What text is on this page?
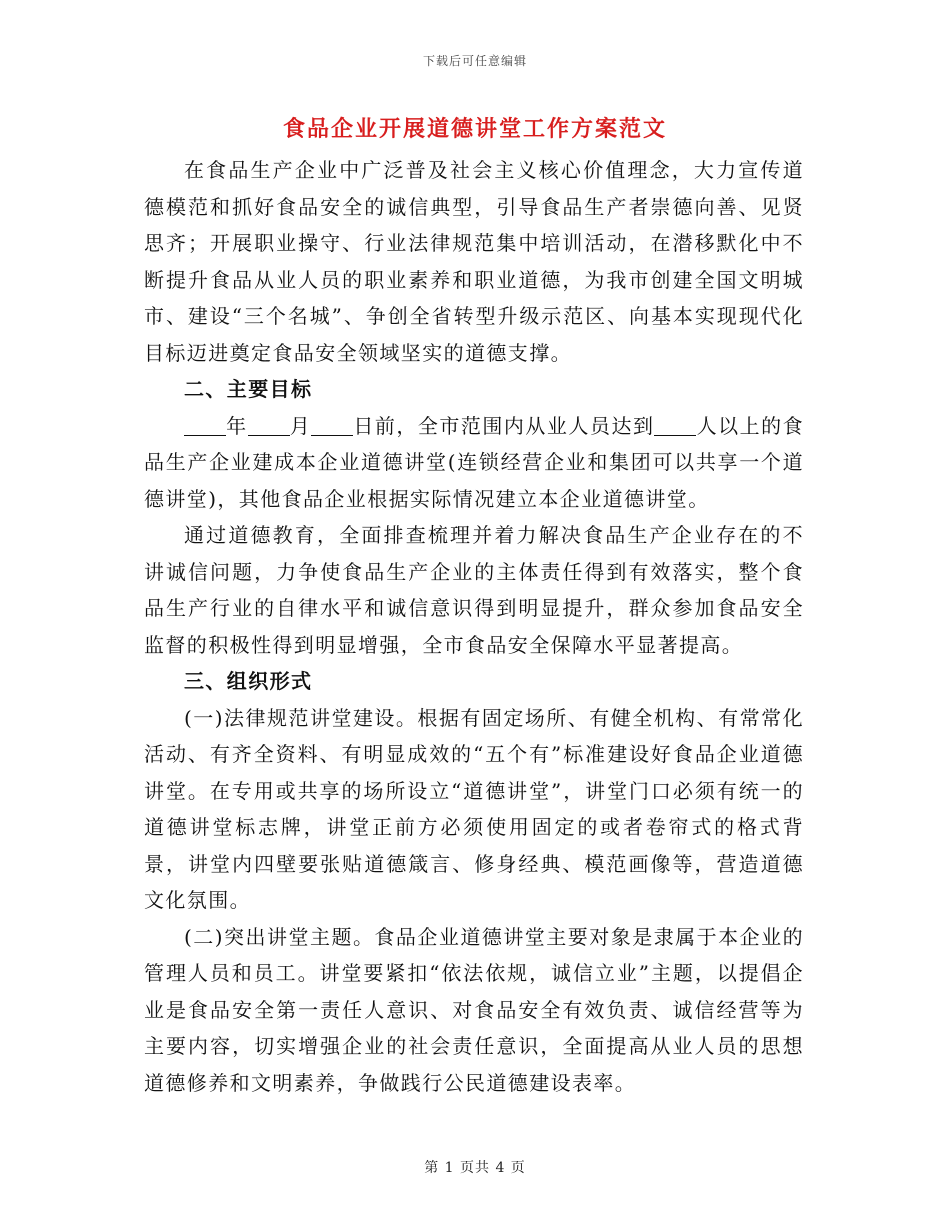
下载后可任意编辑
食品企业开展道德讲堂工作方案范文

在食品生产企业中广泛普及社会主义核心价值理念，大力宣传道德模范和抓好食品安全的诚信典型，引导食品生产者崇德向善、见贤思齐；开展职业操守、行业法律规范集中培训活动，在潜移默化中不断提升食品从业人员的职业素养和职业道德，为我市创建全国文明城市、建设“三个名城”、争创全省转型升级示范区、向基本实现现代化目标迈进奠定食品安全领域坚实的道德支撑。

二、主要目标

年 月 日前，全市范围内从业人员达到 人以上的食品生产企业建成本企业道德讲堂(连锁经营企业和集团可以共享一个道德讲堂)，其他食品企业根据实际情况建立本企业道德讲堂。

通过道德教育，全面排查梳理并着力解决食品生产企业存在的不讲诚信问题，力争使食品生产企业的主体责任得到有效落实，整个食品生产行业的自律水平和诚信意识得到明显提升，群众参加食品安全监督的积极性得到明显增强，全市食品安全保障水平显著提高。

三、组织形式

(一)法律规范讲堂建设。根据有固定场所、有健全机构、有常常化活动、有齐全资料、有明显成效的“五个有”标准建设好食品企业道德讲堂。在专用或共享的场所设立“道德讲堂”，讲堂门口必须有统一的道德讲堂标志牌，讲堂正前方必须使用固定的或者卷帘式的格式背景，讲堂内四壁要张贴道德箴言、修身经典、模范画像等，营造道德文化氛围。

(二)突出讲堂主题。食品企业道德讲堂主要对象是隶属于本企业的管理人员和员工。讲堂要紧扣“依法依规，诚信立业”主题，以提倡企业是食品安全第一责任人意识、对食品安全有效负责、诚信经营等为主要内容，切实增强企业的社会责任意识，全面提高从业人员的思想道德修养和文明素养，争做践行公民道德建设表率。

第 1 页共 4 页
